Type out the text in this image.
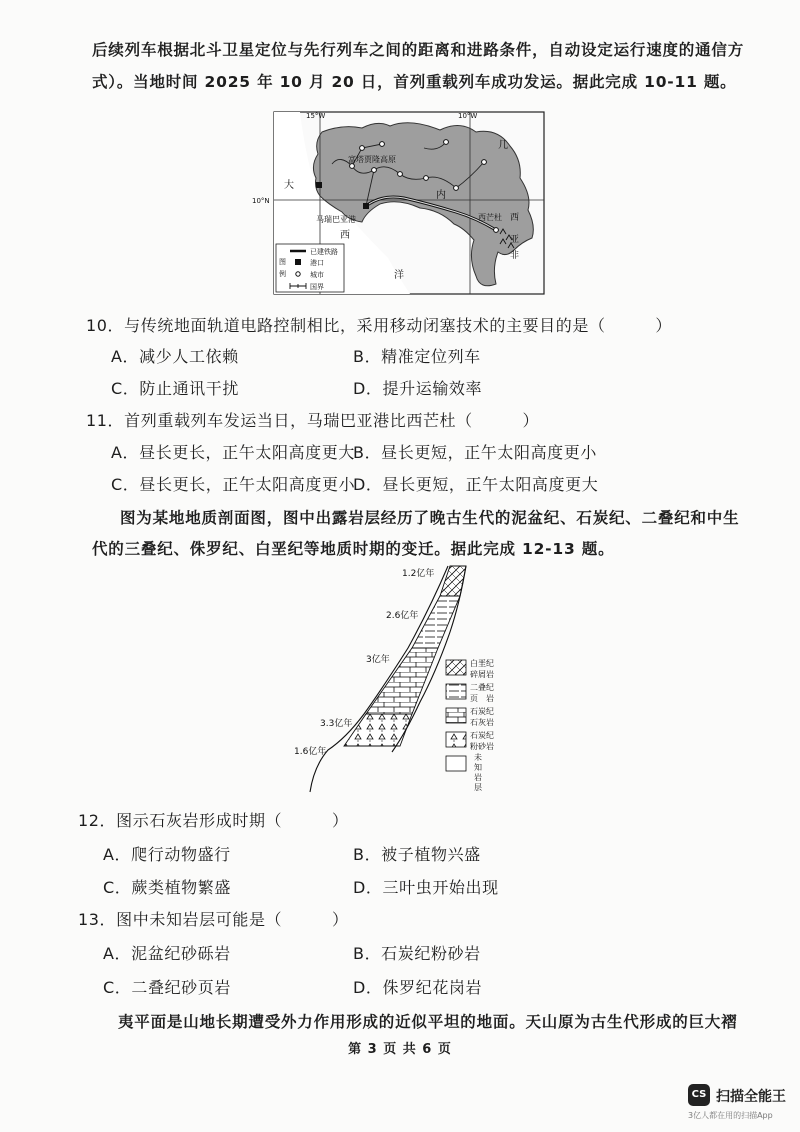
后续列车根据北斗卫星定位与先行列车之间的距离和进路条件，自动设定运行速度的通信方
式）。当地时间 2025 年 10 月 20 日，首列重载列车成功发运。据此完成 10-11 题。
15°W	10°W
10°N
大
西
洋
几
内
西
亚
非
富塔贾隆高原
马瑞巴亚港	西芒杜
图
例
已建铁路
港口
城市
国界
10．与传统地面轨道电路控制相比，采用移动闭塞技术的主要目的是（　　　）
A．减少人工依赖	B．精准定位列车
C．防止通讯干扰	D．提升运输效率
11．首列重载列车发运当日，马瑞巴亚港比西芒杜（　　　）
A．昼长更长，正午太阳高度更大
B．昼长更短，正午太阳高度更小
C．昼长更长，正午太阳高度更小
D．昼长更短，正午太阳高度更大
图为某地地质剖面图，图中出露岩层经历了晚古生代的泥盆纪、石炭纪、二叠纪和中生
代的三叠纪、侏罗纪、白垩纪等地质时期的变迁。据此完成 12-13 题。
1.2亿年
2.6亿年
3亿年
3.3亿年
1.6亿年
白垩纪
碎屑岩
二叠纪
页　岩
石炭纪
石灰岩
石炭纪
粉砂岩
未
知
岩
层
12．图示石灰岩形成时期（　　　）
A．爬行动物盛行	B．被子植物兴盛
C．蕨类植物繁盛	D．三叶虫开始出现
13．图中未知岩层可能是（　　　）
A．泥盆纪砂砾岩	B．石炭纪粉砂岩
C．二叠纪砂页岩	D．侏罗纪花岗岩
夷平面是山地长期遭受外力作用形成的近似平坦的地面。天山原为古生代形成的巨大褶
第 3 页 共 6 页
CS 扫描全能王
3亿人都在用的扫描App
